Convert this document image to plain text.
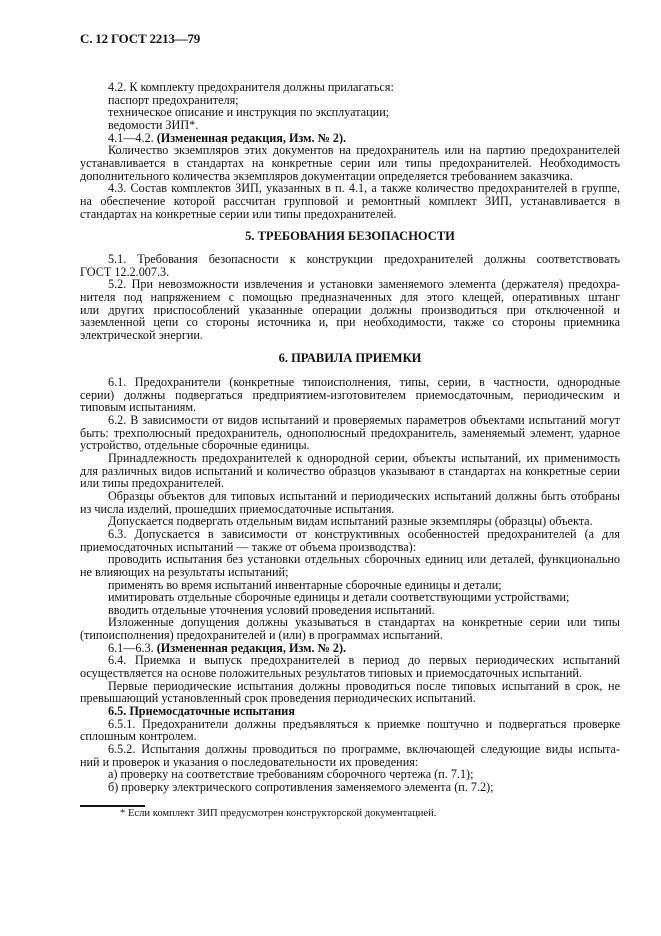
С. 12 ГОСТ 2213—79
4.2. К комплекту предохранителя должны прилагаться:
паспорт предохранителя;
техническое описание и инструкция по эксплуатации;
ведомости ЗИП*.
4.1—4.2. (Измененная редакция, Изм. № 2).
Количество экземпляров этих документов на предохранитель или на партию предохранителей
устанавливается в стандартах на конкретные серии или типы предохранителей. Необходимость
дополнительного количества экземпляров документации определяется требованием заказчика.
4.3. Состав комплектов ЗИП, указанных в п. 4.1, а также количество предохранителей в группе,
на обеспечение которой рассчитан групповой и ремонтный комплект ЗИП, устанавливается в
стандартах на конкретные серии или типы предохранителей.
5. ТРЕБОВАНИЯ БЕЗОПАСНОСТИ
5.1. Требования безопасности к конструкции предохранителей должны соответствовать
ГОСТ 12.2.007.3.
5.2. При невозможности извлечения и установки заменяемого элемента (держателя) предохра-
нителя под напряжением с помощью предназначенных для этого клещей, оперативных штанг
или других приспособлений указанные операции должны производиться при отключенной и
заземленной цепи со стороны источника и, при необходимости, также со стороны приемника
электрической энергии.
6. ПРАВИЛА ПРИЕМКИ
6.1. Предохранители (конкретные типоисполнения, типы, серии, в частности, однородные
серии) должны подвергаться предприятием-изготовителем приемосдаточным, периодическим и
типовым испытаниям.
6.2. В зависимости от видов испытаний и проверяемых параметров объектами испытаний могут
быть: трехполюсный предохранитель, однополюсный предохранитель, заменяемый элемент, ударное
устройство, отдельные сборочные единицы.
Принадлежность предохранителей к однородной серии, объекты испытаний, их применимость
для различных видов испытаний и количество образцов указывают в стандартах на конкретные серии
или типы предохранителей.
Образцы объектов для типовых испытаний и периодических испытаний должны быть отобраны
из числа изделий, прошедших приемосдаточные испытания.
Допускается подвергать отдельным видам испытаний разные экземпляры (образцы) объекта.
6.3. Допускается в зависимости от конструктивных особенностей предохранителей (а для
приемосдаточных испытаний — также от объема производства):
проводить испытания без установки отдельных сборочных единиц или деталей, функционально
не влияющих на результаты испытаний;
применять во время испытаний инвентарные сборочные единицы и детали;
имитировать отдельные сборочные единицы и детали соответствующими устройствами;
вводить отдельные уточнения условий проведения испытаний.
Изложенные допущения должны указываться в стандартах на конкретные серии или типы
(типоисполнения) предохранителей и (или) в программах испытаний.
6.1—6.3. (Измененная редакция, Изм. № 2).
6.4. Приемка и выпуск предохранителей в период до первых периодических испытаний
осуществляется на основе положительных результатов типовых и приемосдаточных испытаний.
Первые периодические испытания должны проводиться после типовых испытаний в срок, не
превышающий установленный срок проведения периодических испытаний.
6.5. Приемосдаточные испытания
6.5.1. Предохранители должны предъявляться к приемке поштучно и подвергаться проверке
сплошным контролем.
6.5.2. Испытания должны проводиться по программе, включающей следующие виды испыта-
ний и проверок и указания о последовательности их проведения:
а) проверку на соответствие требованиям сборочного чертежа (п. 7.1);
б) проверку электрического сопротивления заменяемого элемента (п. 7.2);
* Если комплект ЗИП предусмотрен конструкторской документацией.
